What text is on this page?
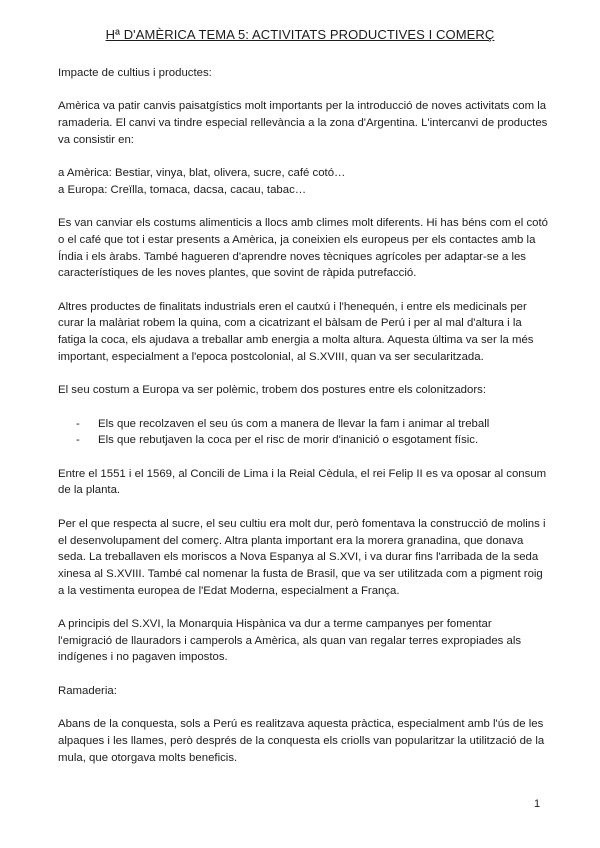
Hª D'AMÈRICA TEMA 5: ACTIVITATS PRODUCTIVES I COMERÇ

Impacte de cultius i productes:

Amèrica va patir canvis paisatgístics molt importants per la introducció de noves activitats com la ramaderia. El canvi va tindre especial rellevància a la zona d'Argentina. L'intercanvi de productes va consistir en:

a Amèrica: Bestiar, vinya, blat, olivera, sucre, café cotó…
a Europa: Creïlla, tomaca, dacsa, cacau, tabac…

Es van canviar els costums alimenticis a llocs amb climes molt diferents. Hi has béns com el cotó o el café que tot i estar presents a Amèrica, ja coneixien els europeus per els contactes amb la Índia i els àrabs. També hagueren d'aprendre noves tècniques agrícoles per adaptar-se a les característiques de les noves plantes, que sovint de ràpida putrefacció.

Altres productes de finalitats industrials eren el cautxú i l'henequén, i entre els medicinals per curar la malàriat robem la quina, com a cicatrizant el bàlsam de Perú i per al mal d'altura i la fatiga la coca, els ajudava a treballar amb energia a molta altura. Aquesta última va ser la més important, especialment a l'epoca postcolonial, al S.XVIII, quan va ser secularitzada.

El seu costum a Europa va ser polèmic, trobem dos postures entre els colonitzadors:

- Els que recolzaven el seu ús com a manera de llevar la fam i animar al treball
- Els que rebutjaven la coca per el risc de morir d'inanició o esgotament físic.

Entre el 1551 i el 1569, al Concili de Lima i la Reial Cèdula, el rei Felip II es va oposar al consum de la planta.

Per el que respecta al sucre, el seu cultiu era molt dur, però fomentava la construcció de molins i el desenvolupament del comerç. Altra planta important era la morera granadina, que donava seda. La treballaven els moriscos a Nova Espanya al S.XVI, i va durar fins l'arribada de la seda xinesa al S.XVIII. També cal nomenar la fusta de Brasil, que va ser utilitzada com a pigment roig a la vestimenta europea de l'Edat Moderna, especialment a França.

A principis del S.XVI, la Monarquia Hispànica va dur a terme campanyes per fomentar l'emigració de llauradors i camperols a Amèrica, als quan van regalar terres expropiades als indígenes i no pagaven impostos.

Ramaderia:

Abans de la conquesta, sols a Perú es realitzava aquesta pràctica, especialment amb l'ús de les alpaques i les llames, però després de la conquesta els criolls van popularitzar la utilització de la mula, que otorgava molts beneficis.

1
